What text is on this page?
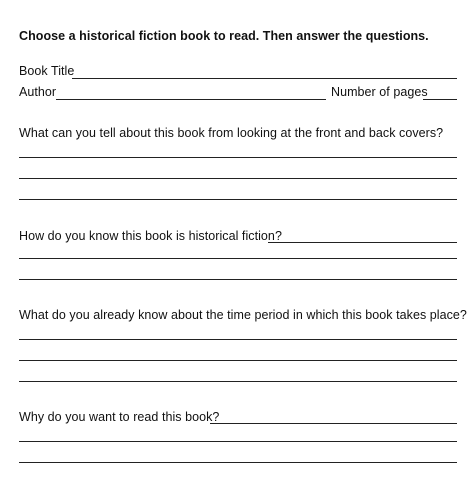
Choose a historical fiction book to read. Then answer the questions.
Book Title
Author	Number of pages
What can you tell about this book from looking at the front and back covers?
How do you know this book is historical fiction?
What do you already know about the time period in which this book takes place?
Why do you want to read this book?
